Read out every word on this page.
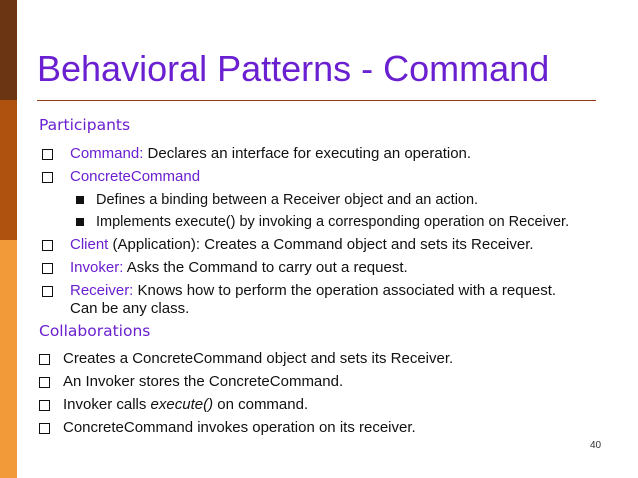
Behavioral Patterns - Command
Participants
Command: Declares an interface for executing an operation.
ConcreteCommand
Defines a binding between a Receiver object and an action.
Implements execute() by invoking a corresponding operation on Receiver.
Client (Application): Creates a Command object and sets its Receiver.
Invoker: Asks the Command to carry out a request.
Receiver: Knows how to perform the operation associated with a request.
Can be any class.
Collaborations
Creates a ConcreteCommand object and sets its Receiver.
An Invoker stores the ConcreteCommand.
Invoker calls execute() on command.
ConcreteCommand invokes operation on its receiver.
40
